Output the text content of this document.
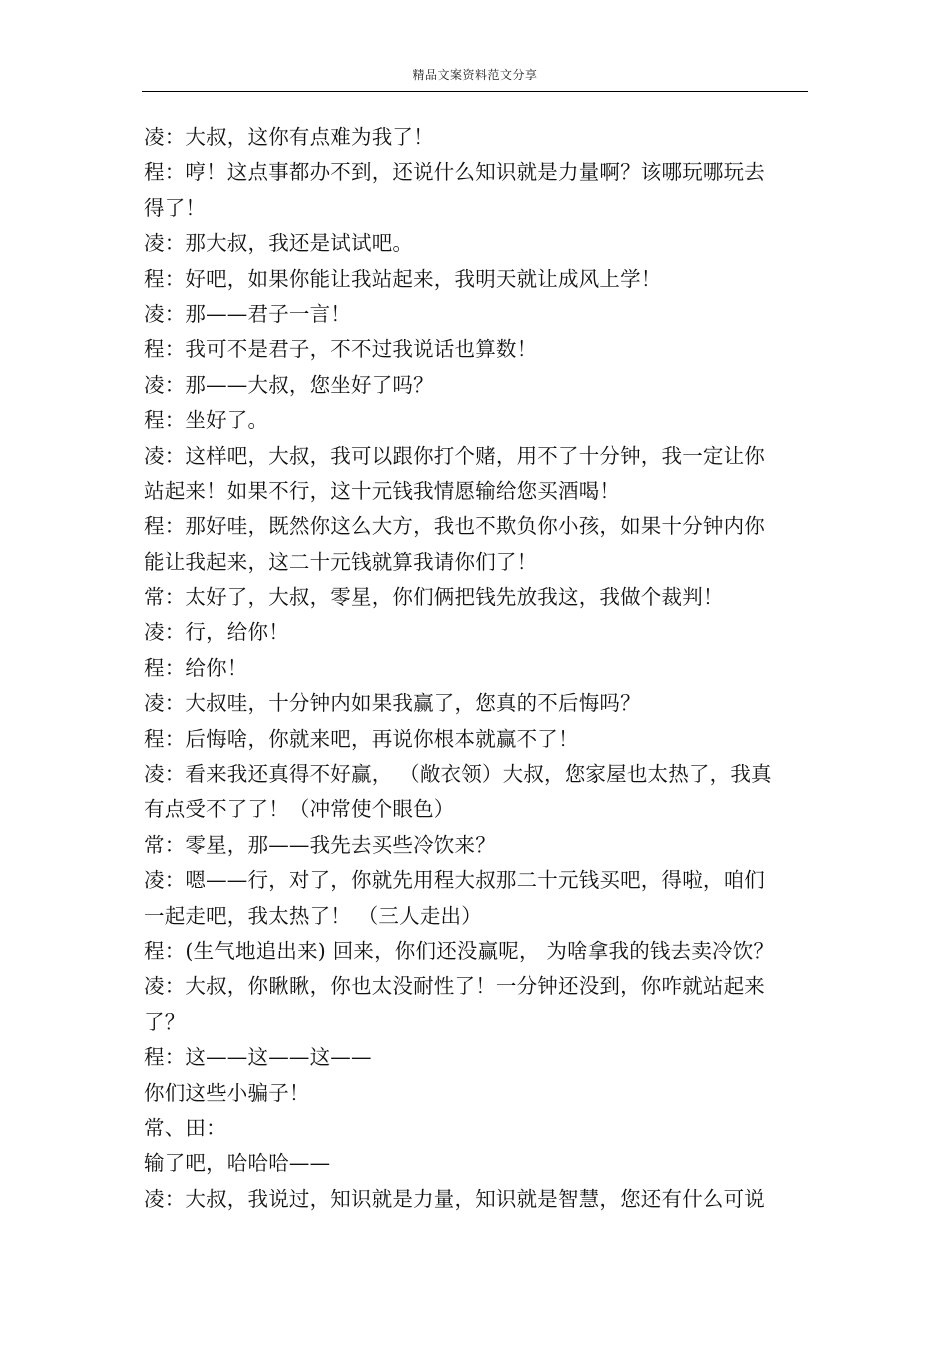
精品文案资料范文分享
凌：大叔，这你有点难为我了！
程：哼！这点事都办不到，还说什么知识就是力量啊？该哪玩哪玩去
得了！
凌：那大叔，我还是试试吧。
程：好吧，如果你能让我站起来，我明天就让成风上学！
凌：那——君子一言！
程：我可不是君子，不不过我说话也算数！
凌：那——大叔，您坐好了吗？
程：坐好了。
凌：这样吧，大叔，我可以跟你打个赌，用不了十分钟，我一定让你
站起来！如果不行，这十元钱我情愿输给您买酒喝！
程：那好哇，既然你这么大方，我也不欺负你小孩，如果十分钟内你
能让我起来，这二十元钱就算我请你们了！
常：太好了，大叔，零星，你们俩把钱先放我这，我做个裁判！
凌：行，给你！
程：给你！
凌：大叔哇，十分钟内如果我赢了，您真的不后悔吗？
程：后悔啥，你就来吧，再说你根本就赢不了！
凌：看来我还真得不好赢， （敞衣领）大叔，您家屋也太热了，我真
有点受不了了！（冲常使个眼色）
常：零星，那——我先去买些冷饮来？
凌：嗯——行，对了，你就先用程大叔那二十元钱买吧，得啦，咱们
一起走吧，我太热了！ （三人走出）
程：(生气地追出来) 回来，你们还没赢呢， 为啥拿我的钱去卖冷饮？
凌：大叔，你瞅瞅，你也太没耐性了！一分钟还没到，你咋就站起来
了？
程：这——这——这——
你们这些小骗子！
常、田：
输了吧，哈哈哈——
凌：大叔，我说过，知识就是力量，知识就是智慧，您还有什么可说
